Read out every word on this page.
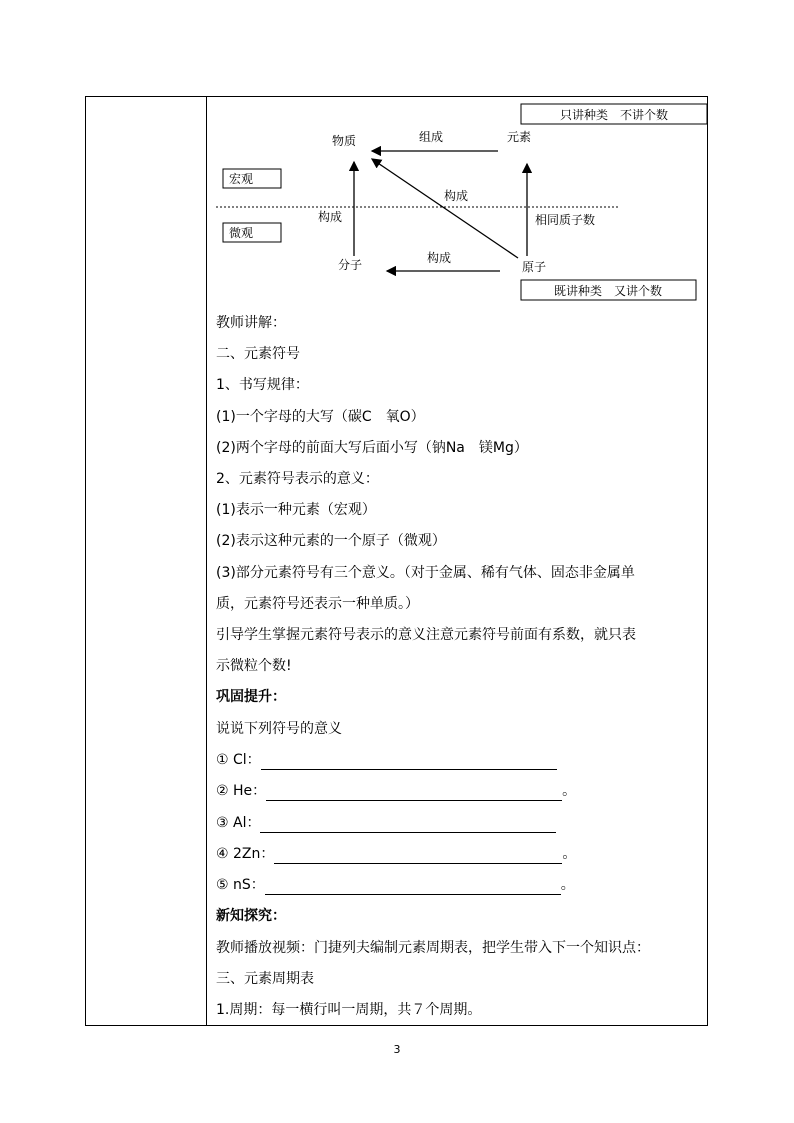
只讲种类　不讲个数
既讲种类　又讲个数
宏观
微观
物质	元素
分子	原子
组成
构成
构成
构成
相同质子数
教师讲解：
二、元素符号
1、书写规律：
(1)一个字母的大写（碳C　氧O）
(2)两个字母的前面大写后面小写（钠Na　镁Mg）
2、元素符号表示的意义：
(1)表示一种元素（宏观）
(2)表示这种元素的一个原子（微观）
(3)部分元素符号有三个意义。（对于金属、稀有气体、固态非金属单
质，元素符号还表示一种单质。）
引导学生掌握元素符号表示的意义注意元素符号前面有系数，就只表
示微粒个数!
巩固提升：
说说下列符号的意义
① Cl：
② He：	。
③ Al：
④ 2Zn：	。
⑤ nS：	。
新知探究：
教师播放视频：门捷列夫编制元素周期表，把学生带入下一个知识点：
三、元素周期表
1.周期：每一横行叫一周期，共７个周期。
3
